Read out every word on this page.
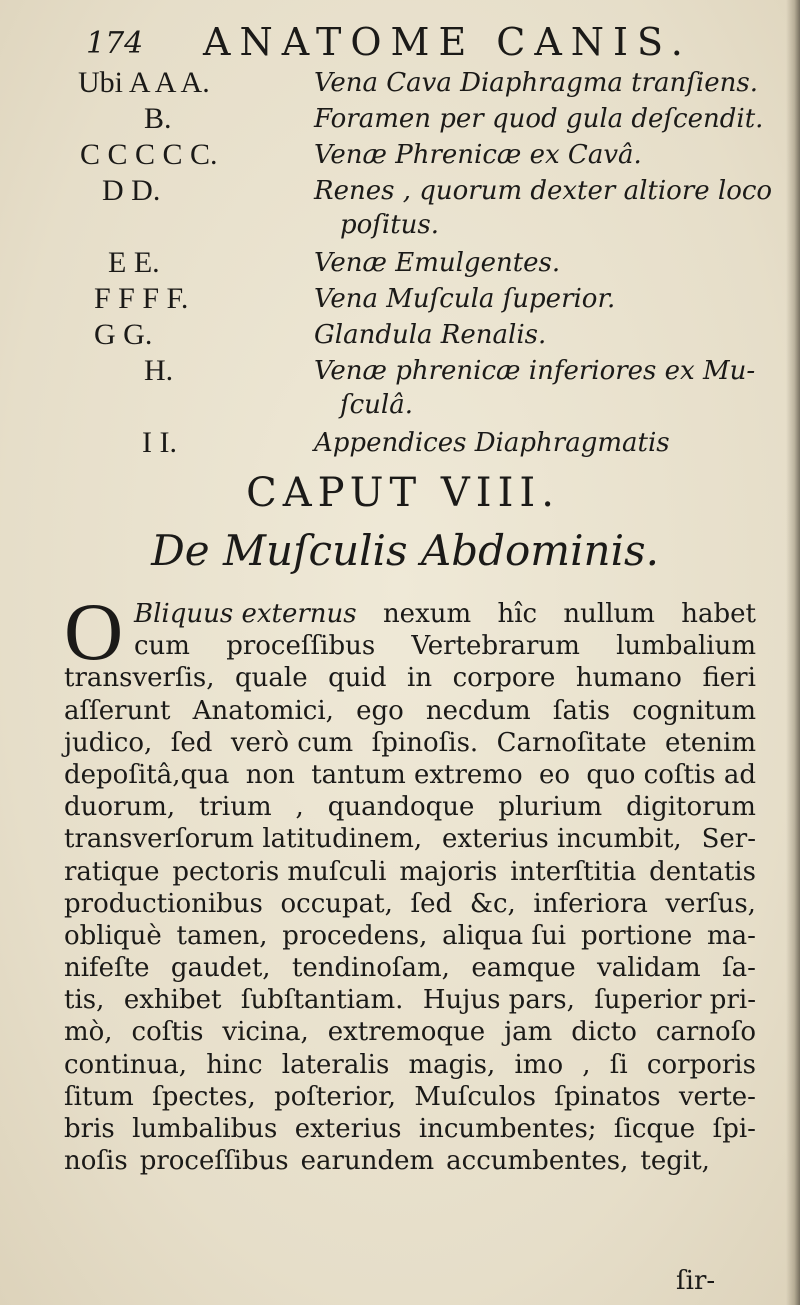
174 ANATOME CANIS.
Ubi A A A.	Vena Cava Diaphragma tranſiens.
B.	Foramen per quod gula deſcendit.
C C C C C.	Venæ Phrenicæ ex Cavâ.
D D.	Renes , quorum dexter altiore loco
poſitus.
E E.	Venæ Emulgentes.
F F F F.	Vena Muſcula ſuperior.
G G.	Glandula Renalis.
H.	Venæ phrenicæ inferiores ex Mu-
ſculâ.
I I.	Appendices Diaphragmatis
CAPUT VIII.
De Muſculis Abdominis.
O Bliquus externus nexum hîc nullum habet
cum proceſſibus Vertebrarum lumbalium
transverſis, quale quid in corpore humano fieri
aſſerunt Anatomici, ego necdum ſatis cognitum
judico, ſed verò cum ſpinoſis. Carnoſitate etenim
depoſitâ,qua non tantum extremo eo quo coſtis ad
duorum, trium , quandoque plurium digitorum
transverſorum latitudinem, exterius incumbit, Ser-
ratique pectoris muſculi majoris interſtitia dentatis
productionibus occupat, ſed &c, inferiora verſus,
obliquè tamen, procedens, aliqua ſui portione ma-
nifeſte gaudet, tendinoſam, eamque validam ſa-
tis, exhibet ſubſtantiam. Hujus pars, ſuperior pri-
mò, coſtis vicina, extremoque jam dicto carnoſo
continua, hinc lateralis magis, imo , ſi corporis
ſitum ſpectes, poſterior, Muſculos ſpinatos verte-
bris lumbalibus exterius incumbentes; ſicque ſpi-
noſis proceſſibus earundem accumbentes, tegit,
ſir-
